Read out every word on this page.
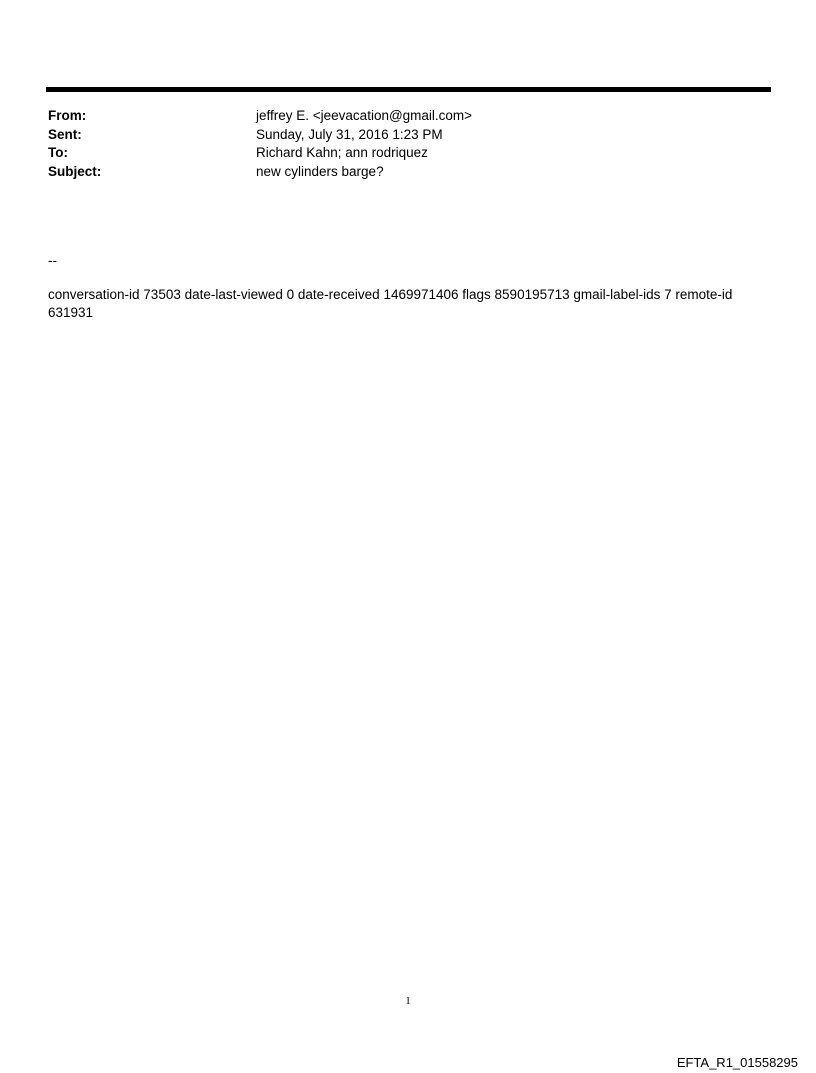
From:	jeffrey E. <jeevacation@gmail.com>
Sent:	Sunday, July 31, 2016 1:23 PM
To:	Richard Kahn; ann rodriquez
Subject:	new cylinders barge?
--
conversation-id 73503 date-last-viewed 0 date-received 1469971406 flags 8590195713 gmail-label-ids 7 remote-id 631931
1
EFTA_R1_01558295
